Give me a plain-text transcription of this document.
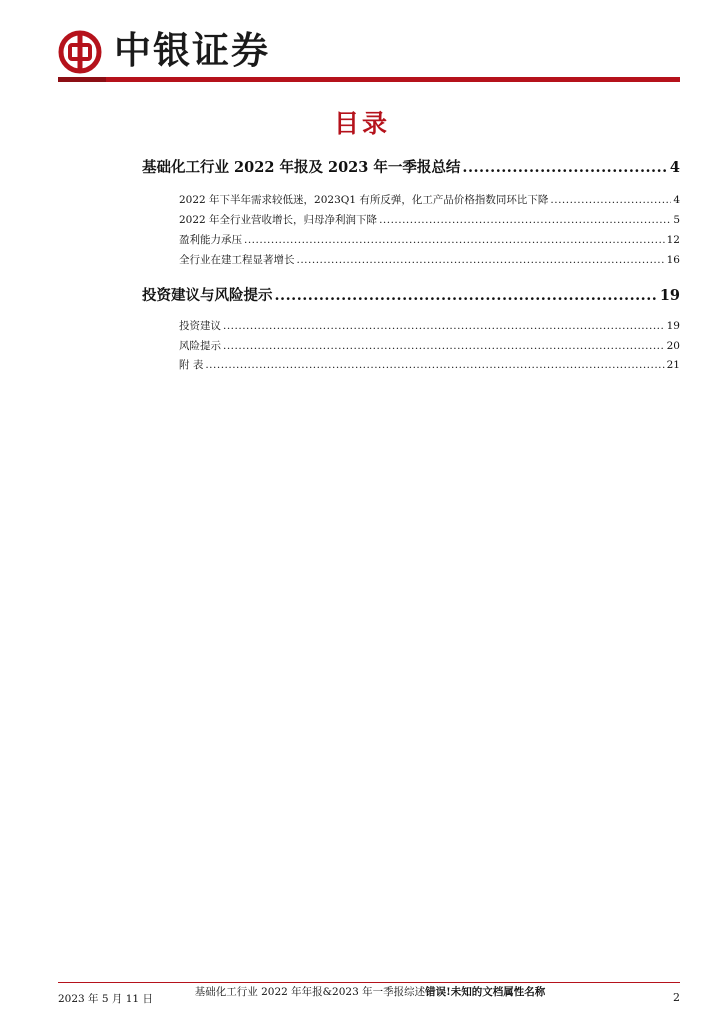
中银证券
目录
基础化工行业 2022 年报及 2023 年一季报总结 .....	4
2022 年下半年需求较低迷，2023Q1 有所反弹，化工产品价格指数同环比下降 .....	4
2022 年全行业营收增长，归母净利润下降 .....	5
盈利能力承压 .....	12
全行业在建工程显著增长 .....	16
投资建议与风险提示 .....	19
投资建议 .....	19
风险提示 .....	20
附 表 .....	21
2023 年 5 月 11 日
基础化工行业 2022 年年报&2023 年一季报综述错误!未知的文档属性名称	2
